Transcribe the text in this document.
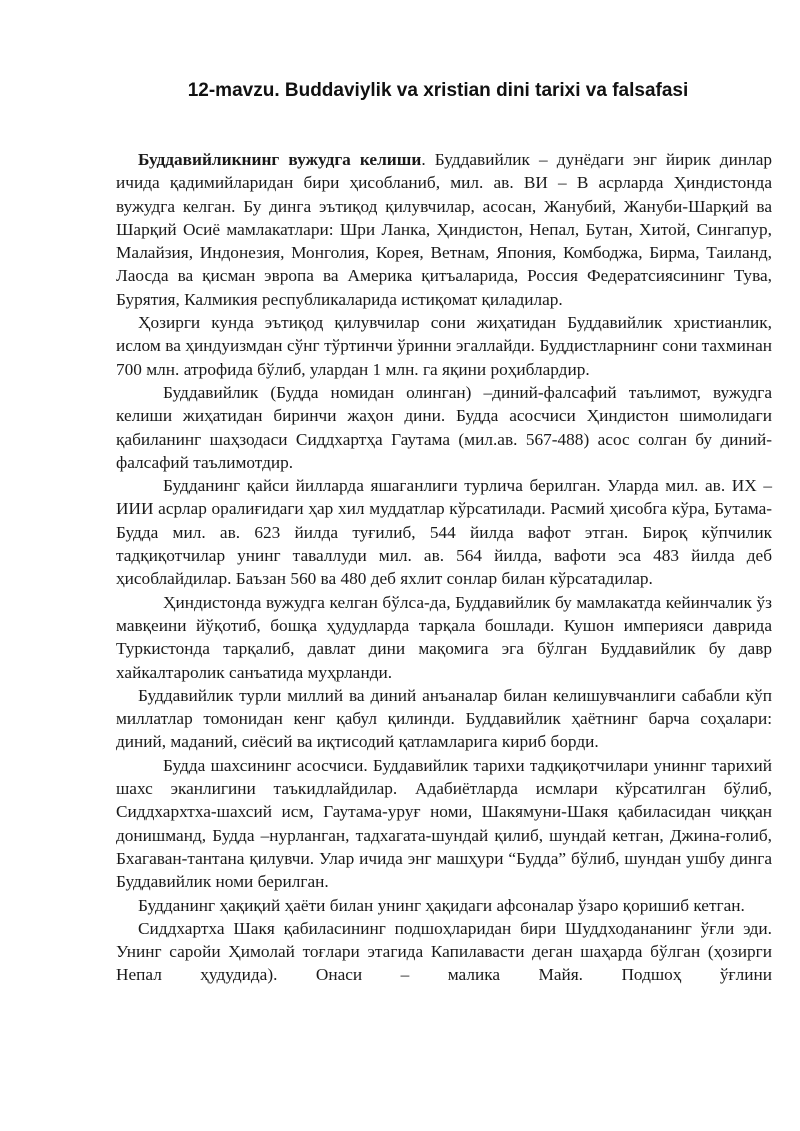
12-mavzu. Buddaviylik va xristian dini tarixi va falsafasi

Буддавийликнинг вужудга келиши. Буддавийлик – дунёдаги энг йирик динлар ичида қадимийларидан бири ҳисобланиб, мил. ав. ВИ – В асрларда Ҳиндистонда вужудга келган. Бу динга эътиқод қилувчилар, асосан, Жанубий, Жануби-Шарқий ва Шарқий Осиё мамлакатлари: Шри Ланка, Ҳиндистон, Непал, Бутан, Хитой, Сингапур, Малайзия, Индонезия, Монголия, Корея, Ветнам, Япония, Комбоджа, Бирма, Таиланд, Лаосда ва қисман эвропа ва Америка қитъаларида, Россия Федератсиясининг Тува, Бурятия, Калмикия республикаларида истиқомат қиладилар.

Ҳозирги кунда эътиқод қилувчилар сони жиҳатидан Буддавийлик христианлик, ислом ва ҳиндуизмдан сўнг тўртинчи ўринни эгаллайди. Буддистларнинг сони тахминан 700 млн. атрофида бўлиб, улардан 1 млн. га яқини роҳиблардир.

Буддавийлик (Будда номидан олинган) –диний-фалсафий таълимот, вужудга келиши жиҳатидан биринчи жаҳон дини. Будда асосчиси Ҳиндистон шимолидаги қабиланинг шаҳзодаси Сиддхартҳа Гаутама (мил.ав. 567-488) асос солган бу диний-фалсафий таълимотдир.

Будданинг қайси йилларда яшаганлиги турлича берилган. Уларда мил. ав. ИХ – ИИИ асрлар оралиғидаги ҳар хил муддатлар кўрсатилади. Расмий ҳисобга кўра, Бутама-Будда мил. ав. 623 йилда туғилиб, 544 йилда вафот этган. Бироқ кўпчилик тадқиқотчилар унинг таваллуди мил. ав. 564 йилда, вафоти эса 483 йилда деб ҳисоблайдилар. Баъзан 560 ва 480 деб яхлит сонлар билан кўрсатадилар.

Ҳиндистонда вужудга келган бўлса-да, Буддавийлик бу мамлакатда кейинчалик ўз мавқеини йўқотиб, бошқа ҳудудларда тарқала бошлади. Кушон империяси даврида Туркистонда тарқалиб, давлат дини мақомига эга бўлган Буддавийлик бу давр хайкалтаролик санъатида муҳрланди.

Буддавийлик турли миллий ва диний анъаналар билан келишувчанлиги сабабли кўп миллатлар томонидан кенг қабул қилинди. Буддавийлик ҳаётнинг барча соҳалари: диний, маданий, сиёсий ва иқтисодий қатламларига кириб борди.

Будда шахсининг асосчиси. Буддавийлик тарихи тадқиқотчилари униннг тарихий шахс эканлигини таъкидлайдилар. Адабиётларда исмлари кўрсатилган бўлиб, Сиддхархтха-шахсий исм, Гаутама-уруғ номи, Шакямуни-Шакя қабиласидан чиққан донишманд, Будда –нурланган, тадхагата-шундай қилиб, шундай кетган, Джина-ғолиб, Бхагаван-тантана қилувчи. Улар ичида энг машҳури “Будда” бўлиб, шундан ушбу динга Буддавийлик номи берилган.

Будданинг ҳақиқий ҳаёти билан унинг ҳақидаги афсоналар ўзаро қоришиб кетган.

Сиддхартха Шакя қабиласининг подшоҳларидан бири Шуддходананинг ўғли эди. Унинг саройи Ҳимолай тоғлари этагида Капилавасти деган шаҳарда бўлган (ҳозирги Непал ҳудудида). Онаси – малика Майя. Подшоҳ ўғлини
